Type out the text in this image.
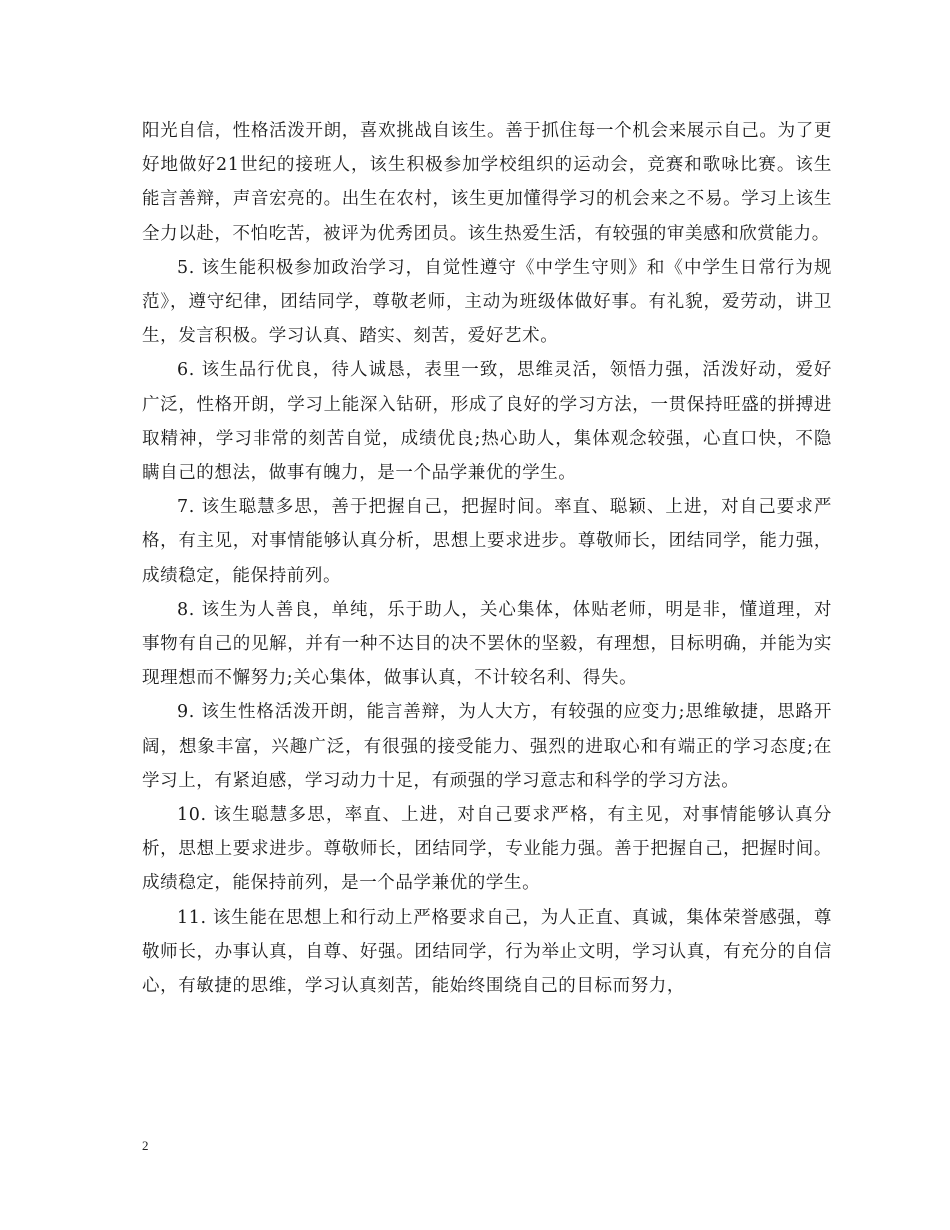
阳光自信，性格活泼开朗，喜欢挑战自该生。善于抓住每一个机会来展示自己。为了更好地做好21世纪的接班人，该生积极参加学校组织的运动会，竞赛和歌咏比赛。该生能言善辩，声音宏亮的。出生在农村，该生更加懂得学习的机会来之不易。学习上该生全力以赴，不怕吃苦，被评为优秀团员。该生热爱生活，有较强的审美感和欣赏能力。

5. 该生能积极参加政治学习，自觉性遵守《中学生守则》和《中学生日常行为规范》，遵守纪律，团结同学，尊敬老师，主动为班级体做好事。有礼貌，爱劳动，讲卫生，发言积极。学习认真、踏实、刻苦，爱好艺术。

6. 该生品行优良，待人诚恳，表里一致，思维灵活，领悟力强，活泼好动，爱好广泛，性格开朗，学习上能深入钻研，形成了良好的学习方法，一贯保持旺盛的拼搏进取精神，学习非常的刻苦自觉，成绩优良;热心助人，集体观念较强，心直口快，不隐瞒自己的想法，做事有魄力，是一个品学兼优的学生。

7. 该生聪慧多思，善于把握自己，把握时间。率直、聪颖、上进，对自己要求严格，有主见，对事情能够认真分析，思想上要求进步。尊敬师长，团结同学，能力强，成绩稳定，能保持前列。

8. 该生为人善良，单纯，乐于助人，关心集体，体贴老师，明是非，懂道理，对事物有自己的见解，并有一种不达目的决不罢休的坚毅，有理想，目标明确，并能为实现理想而不懈努力;关心集体，做事认真，不计较名利、得失。

9. 该生性格活泼开朗，能言善辩，为人大方，有较强的应变力;思维敏捷，思路开阔，想象丰富，兴趣广泛，有很强的接受能力、强烈的进取心和有端正的学习态度;在学习上，有紧迫感，学习动力十足，有顽强的学习意志和科学的学习方法。

10. 该生聪慧多思，率直、上进，对自己要求严格，有主见，对事情能够认真分析，思想上要求进步。尊敬师长，团结同学，专业能力强。善于把握自己，把握时间。成绩稳定，能保持前列，是一个品学兼优的学生。

11. 该生能在思想上和行动上严格要求自己，为人正直、真诚，集体荣誉感强，尊敬师长，办事认真，自尊、好强。团结同学，行为举止文明，学习认真，有充分的自信心，有敏捷的思维，学习认真刻苦，能始终围绕自己的目标而努力，

2
